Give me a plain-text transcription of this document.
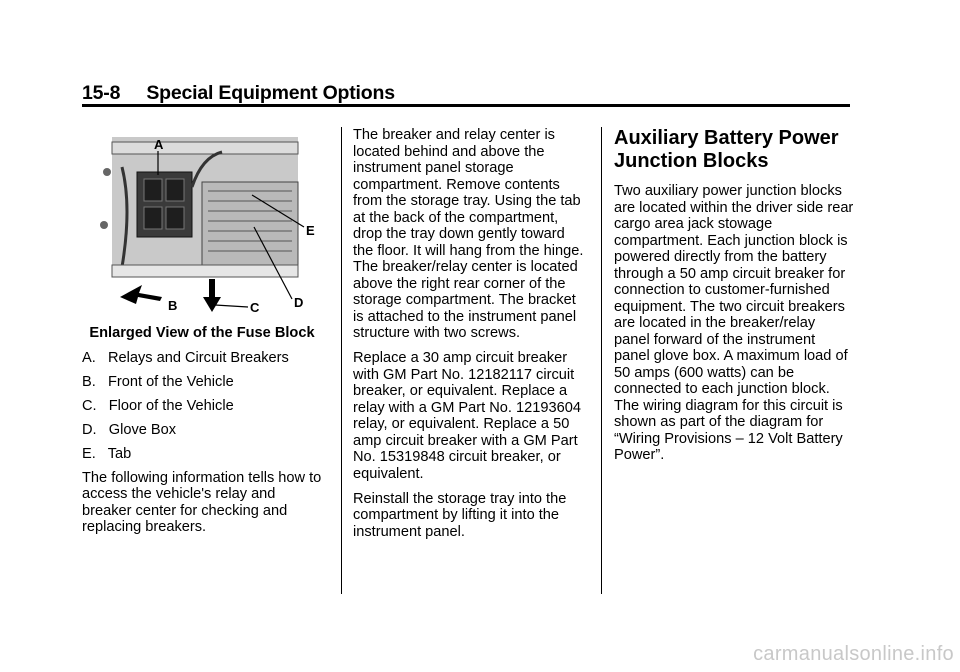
15-8     Special Equipment Options
A
E
D
B	C
Enlarged View of the Fuse Block

A.   Relays and Circuit Breakers

B.   Front of the Vehicle

C.   Floor of the Vehicle

D.   Glove Box

E.   Tab

The following information tells how to access the vehicle's relay and breaker center for checking and replacing breakers.

The breaker and relay center is located behind and above the instrument panel storage compartment. Remove contents from the storage tray. Using the tab at the back of the compartment, drop the tray down gently toward the floor. It will hang from the hinge. The breaker/relay center is located above the right rear corner of the storage compartment. The bracket is attached to the instrument panel structure with two screws.

Replace a 30 amp circuit breaker with GM Part No. 12182117 circuit breaker, or equivalent. Replace a relay with a GM Part No. 12193604 relay, or equivalent. Replace a 50 amp circuit breaker with a GM Part No. 15319848 circuit breaker, or equivalent.

Reinstall the storage tray into the compartment by lifting it into the instrument panel.

Auxiliary Battery Power Junction Blocks

Two auxiliary power junction blocks are located within the driver side rear cargo area jack stowage compartment. Each junction block is powered directly from the battery through a 50 amp circuit breaker for connection to customer-furnished equipment. The two circuit breakers are located in the breaker/relay panel forward of the instrument panel glove box. A maximum load of 50 amps (600 watts) can be connected to each junction block. The wiring diagram for this circuit is shown as part of the diagram for “Wiring Provisions – 12 Volt Battery Power”.

carmanualsonline.info
